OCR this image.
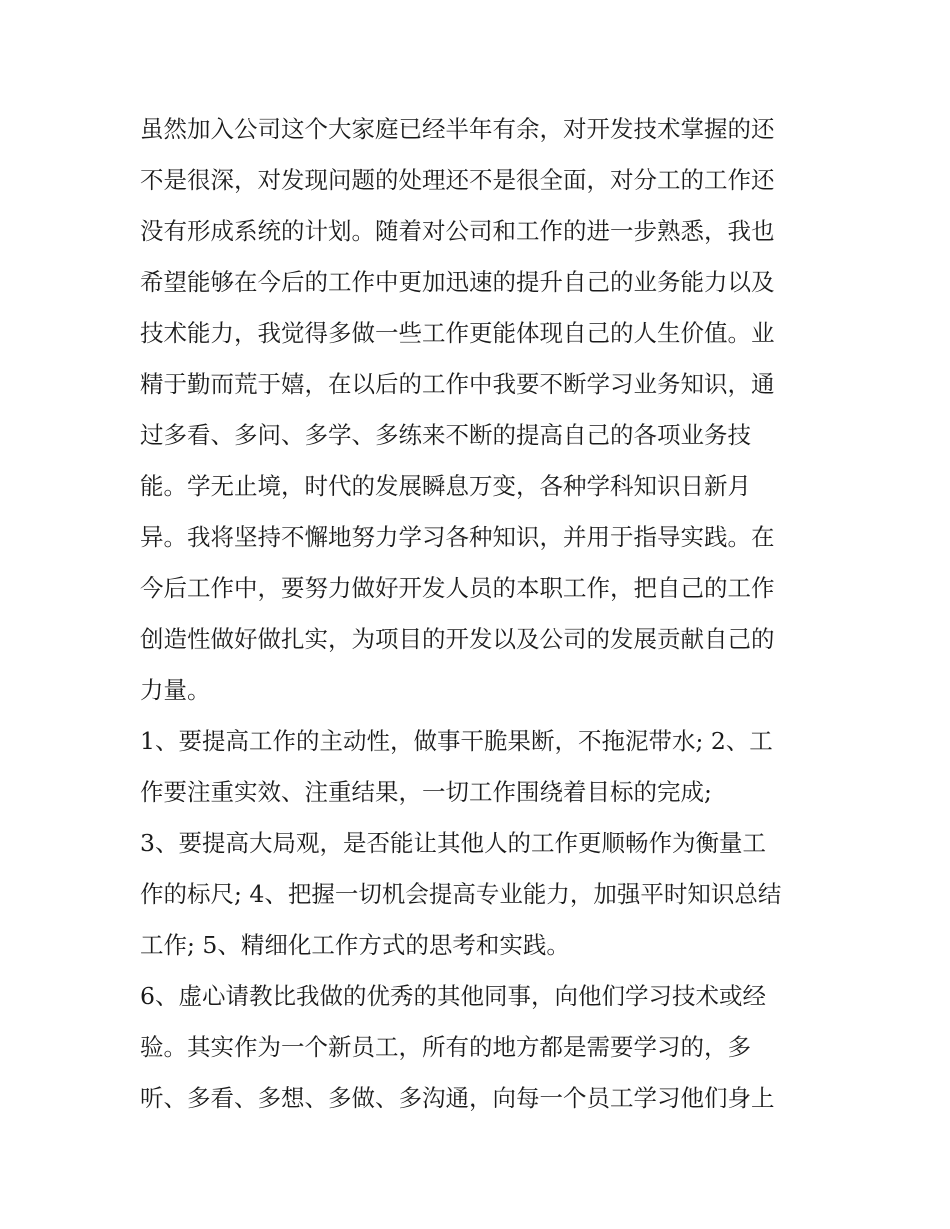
虽然加入公司这个大家庭已经半年有余，对开发技术掌握的还
不是很深，对发现问题的处理还不是很全面，对分工的工作还
没有形成系统的计划。随着对公司和工作的进一步熟悉，我也
希望能够在今后的工作中更加迅速的提升自己的业务能力以及
技术能力，我觉得多做一些工作更能体现自己的人生价值。业
精于勤而荒于嬉，在以后的工作中我要不断学习业务知识，通
过多看、多问、多学、多练来不断的提高自己的各项业务技
能。学无止境，时代的发展瞬息万变，各种学科知识日新月
异。我将坚持不懈地努力学习各种知识，并用于指导实践。在
今后工作中，要努力做好开发人员的本职工作，把自己的工作
创造性做好做扎实，为项目的开发以及公司的发展贡献自己的
力量。
1、要提高工作的主动性，做事干脆果断，不拖泥带水; 2、工
作要注重实效、注重结果，一切工作围绕着目标的完成;
3、要提高大局观，是否能让其他人的工作更顺畅作为衡量工
作的标尺; 4、把握一切机会提高专业能力，加强平时知识总结
工作; 5、精细化工作方式的思考和实践。
6、虚心请教比我做的优秀的其他同事，向他们学习技术或经
验。其实作为一个新员工，所有的地方都是需要学习的，多
听、多看、多想、多做、多沟通，向每一个员工学习他们身上
